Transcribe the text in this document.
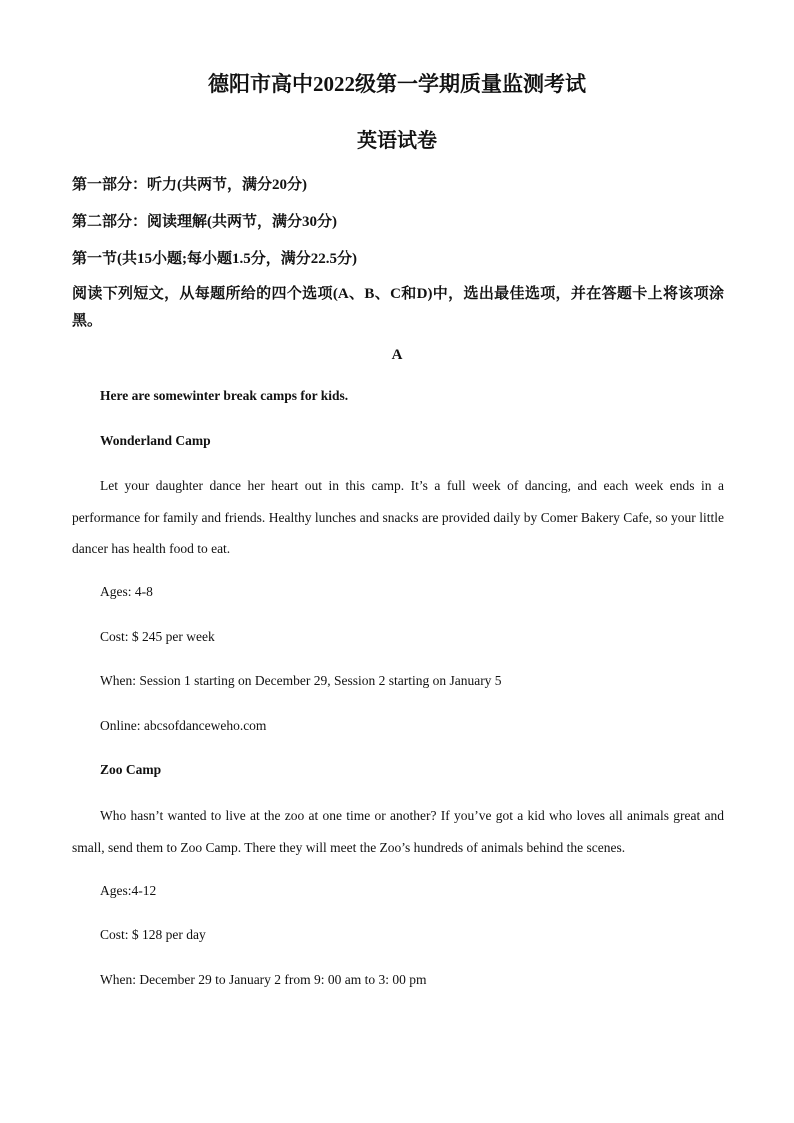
德阳市高中2022级第一学期质量监测考试
英语试卷
第一部分：听力(共两节，满分20分)
第二部分：阅读理解(共两节，满分30分)
第一节(共15小题;每小题1.5分，满分22.5分)
阅读下列短文，从每题所给的四个选项(A、B、C和D)中，选出最佳选项，并在答题卡上将该项涂黑。
A
Here are somewinter break camps for kids.
Wonderland Camp
Let your daughter dance her heart out in this camp. It’s a full week of dancing, and each week ends in a performance for family and friends. Healthy lunches and snacks are provided daily by Comer Bakery Cafe, so your little dancer has health food to eat.
Ages: 4-8
Cost: $ 245 per week
When: Session 1 starting on December 29, Session 2 starting on January 5
Online: abcsofdanceweho.com
Zoo Camp
Who hasn’t wanted to live at the zoo at one time or another? If you’ve got a kid who loves all animals great and small, send them to Zoo Camp. There they will meet the Zoo’s hundreds of animals behind the scenes.
Ages:4-12
Cost: $ 128 per day
When: December 29 to January 2 from 9: 00 am to 3: 00 pm
